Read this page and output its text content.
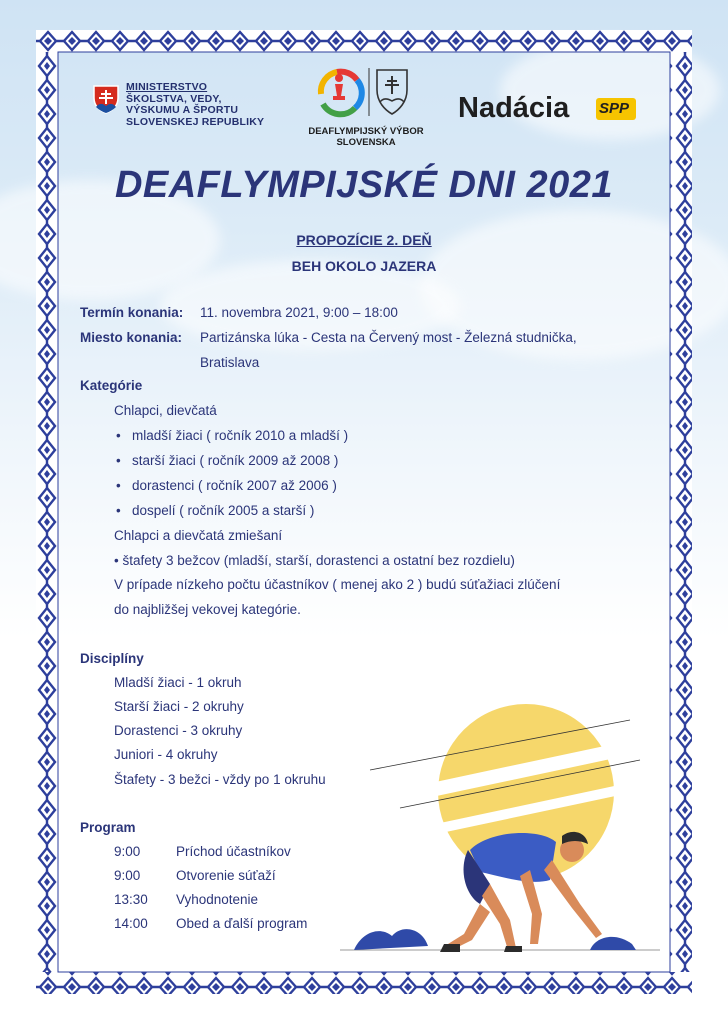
MINISTERSTVO
ŠKOLSTVA, VEDY,
VÝSKUMU A ŠPORTU
SLOVENSKEJ REPUBLIKY
DEAFLYMPIJSKÝ VÝBOR
SLOVENSKA
Nadácia SPP
DEAFLYMPIJSKÉ DNI 2021
PROPOZÍCIE 2. DEŇ
BEH OKOLO JAZERA
Termín konania: 11. novembra 2021, 9:00 – 18:00
Miesto konania: Partizánska lúka - Cesta na Červený most - Železná studnička,
Bratislava
Kategórie
Chlapci, dievčatá
• mladší žiaci ( ročník 2010 a mladší )
• starší žiaci ( ročník 2009 až 2008 )
• dorastenci ( ročník 2007 až 2006 )
• dospelí ( ročník 2005 a starší )
Chlapci a dievčatá zmiešaní
• štafety 3 bežcov (mladší, starší, dorastenci a ostatní bez rozdielu)
V prípade nízkeho počtu účastníkov ( menej ako 2 ) budú súťažiaci zlúčení
do najbližšej vekovej kategórie.
Disciplíny
Mladší žiaci - 1 okruh
Starší žiaci - 2 okruhy
Dorastenci - 3 okruhy
Juniori - 4 okruhy
Štafety - 3 bežci - vždy po 1 okruhu
Program
9:00	Príchod účastníkov
9:00	Otvorenie súťaží
13:30 Vyhodnotenie
14:00 Obed a ďalší program
